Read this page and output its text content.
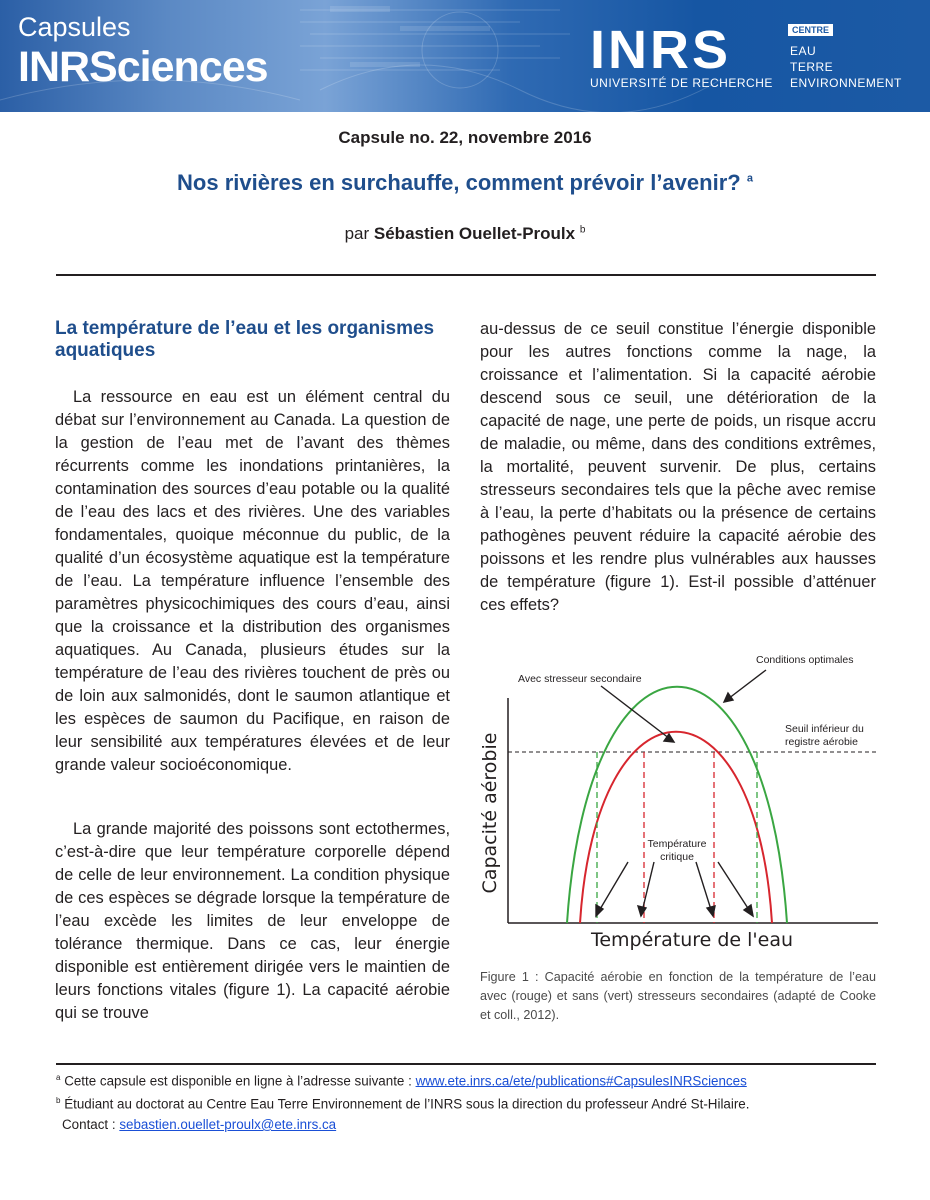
Capsules
INRSciences	INRS
UNIVERSITÉ DE RECHERCHE
CENTRE
EAU
TERRE
ENVIRONNEMENT
Capsule no. 22, novembre 2016
Nos rivières en surchauffe, comment prévoir l’avenir? $^a$
par Sébastien Ouellet-Proulx $^b$
La température de l’eau et les organismes aquatiques

La ressource en eau est un élément central du débat sur l’environnement au Canada. La question de la gestion de l’eau met de l’avant des thèmes récurrents comme les inondations printanières, la contamination des sources d’eau potable ou la qualité de l’eau des lacs et des rivières. Une des variables fondamentales, quoique méconnue du public, de la qualité d’un écosystème aquatique est la température de l’eau. La température influence l’ensemble des paramètres physicochimiques des cours d’eau, ainsi que la croissance et la distribution des organismes aquatiques. Au Canada, plusieurs études sur la température de l’eau des rivières touchent de près ou de loin aux salmonidés, dont le saumon atlantique et les espèces de saumon du Pacifique, en raison de leur sensibilité aux températures élevées et de leur grande valeur socioéconomique.

La grande majorité des poissons sont ectothermes, c’est-à-dire que leur température corporelle dépend de celle de leur environnement. La condition physique de ces espèces se dégrade lorsque la température de l’eau excède les limites de leur enveloppe de tolérance thermique. Dans ce cas, leur énergie disponible est entièrement dirigée vers le maintien de leurs fonctions vitales (figure 1). La capacité aérobie qui se trouve

au-dessus de ce seuil constitue l’énergie disponible pour les autres fonctions comme la nage, la croissance et l’alimentation. Si la capacité aérobie descend sous ce seuil, une détérioration de la capacité de nage, une perte de poids, un risque accru de maladie, ou même, dans des conditions extrêmes, la mortalité, peuvent survenir. De plus, certains stresseurs secondaires tels que la pêche avec remise à l’eau, la perte d’habitats ou la présence de certains pathogènes peuvent réduire la capacité aérobie des poissons et les rendre plus vulnérables aux hausses de température (figure 1). Est-il possible d’atténuer ces effets?

Avec stresseur secondaire
Conditions optimales
Seuil inférieur du
registre aérobie
Température
critique
Capacité aérobie
Température de l'eau
Figure 1 : Capacité aérobie en fonction de la température de l’eau avec (rouge) et sans (vert) stresseurs secondaires (adapté de Cooke et coll., 2012).
$^a$ Cette capsule est disponible en ligne à l’adresse suivante : www.ete.inrs.ca/ete/publications#CapsulesINRSciences
$^b$ Étudiant au doctorat au Centre Eau Terre Environnement de l’INRS sous la direction du professeur André St-Hilaire.
Contact : sebastien.ouellet-proulx@ete.inrs.ca
